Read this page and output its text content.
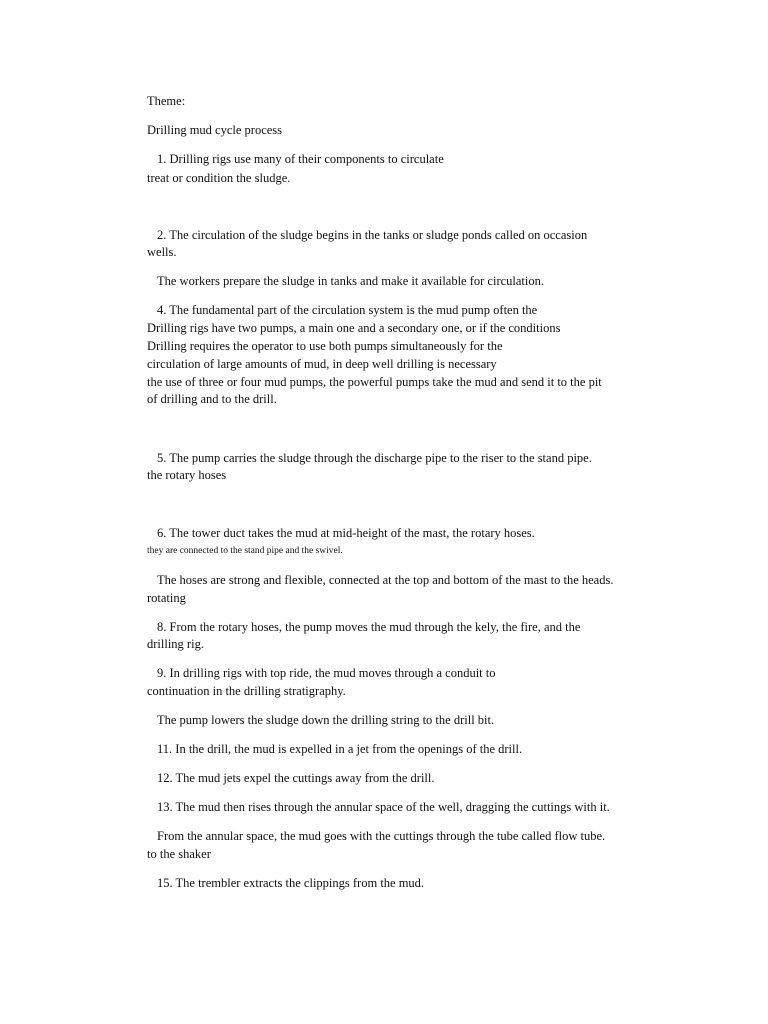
Theme:

Drilling mud cycle process

1. Drilling rigs use many of their components to circulate

treat or condition the sludge.

2. The circulation of the sludge begins in the tanks or sludge ponds called on occasion

wells.

The workers prepare the sludge in tanks and make it available for circulation.

4. The fundamental part of the circulation system is the mud pump often the

Drilling rigs have two pumps, a main one and a secondary one, or if the conditions

Drilling requires the operator to use both pumps simultaneously for the

circulation of large amounts of mud, in deep well drilling is necessary

the use of three or four mud pumps, the powerful pumps take the mud and send it to the pit

of drilling and to the drill.

5. The pump carries the sludge through the discharge pipe to the riser to the stand pipe.

the rotary hoses

6. The tower duct takes the mud at mid-height of the mast, the rotary hoses.

they are connected to the stand pipe and the swivel.

The hoses are strong and flexible, connected at the top and bottom of the mast to the heads.

rotating

8. From the rotary hoses, the pump moves the mud through the kely, the fire, and the

drilling rig.

9. In drilling rigs with top ride, the mud moves through a conduit to

continuation in the drilling stratigraphy.

The pump lowers the sludge down the drilling string to the drill bit.

11. In the drill, the mud is expelled in a jet from the openings of the drill.

12. The mud jets expel the cuttings away from the drill.

13. The mud then rises through the annular space of the well, dragging the cuttings with it.

From the annular space, the mud goes with the cuttings through the tube called flow tube.

to the shaker

15. The trembler extracts the clippings from the mud.
